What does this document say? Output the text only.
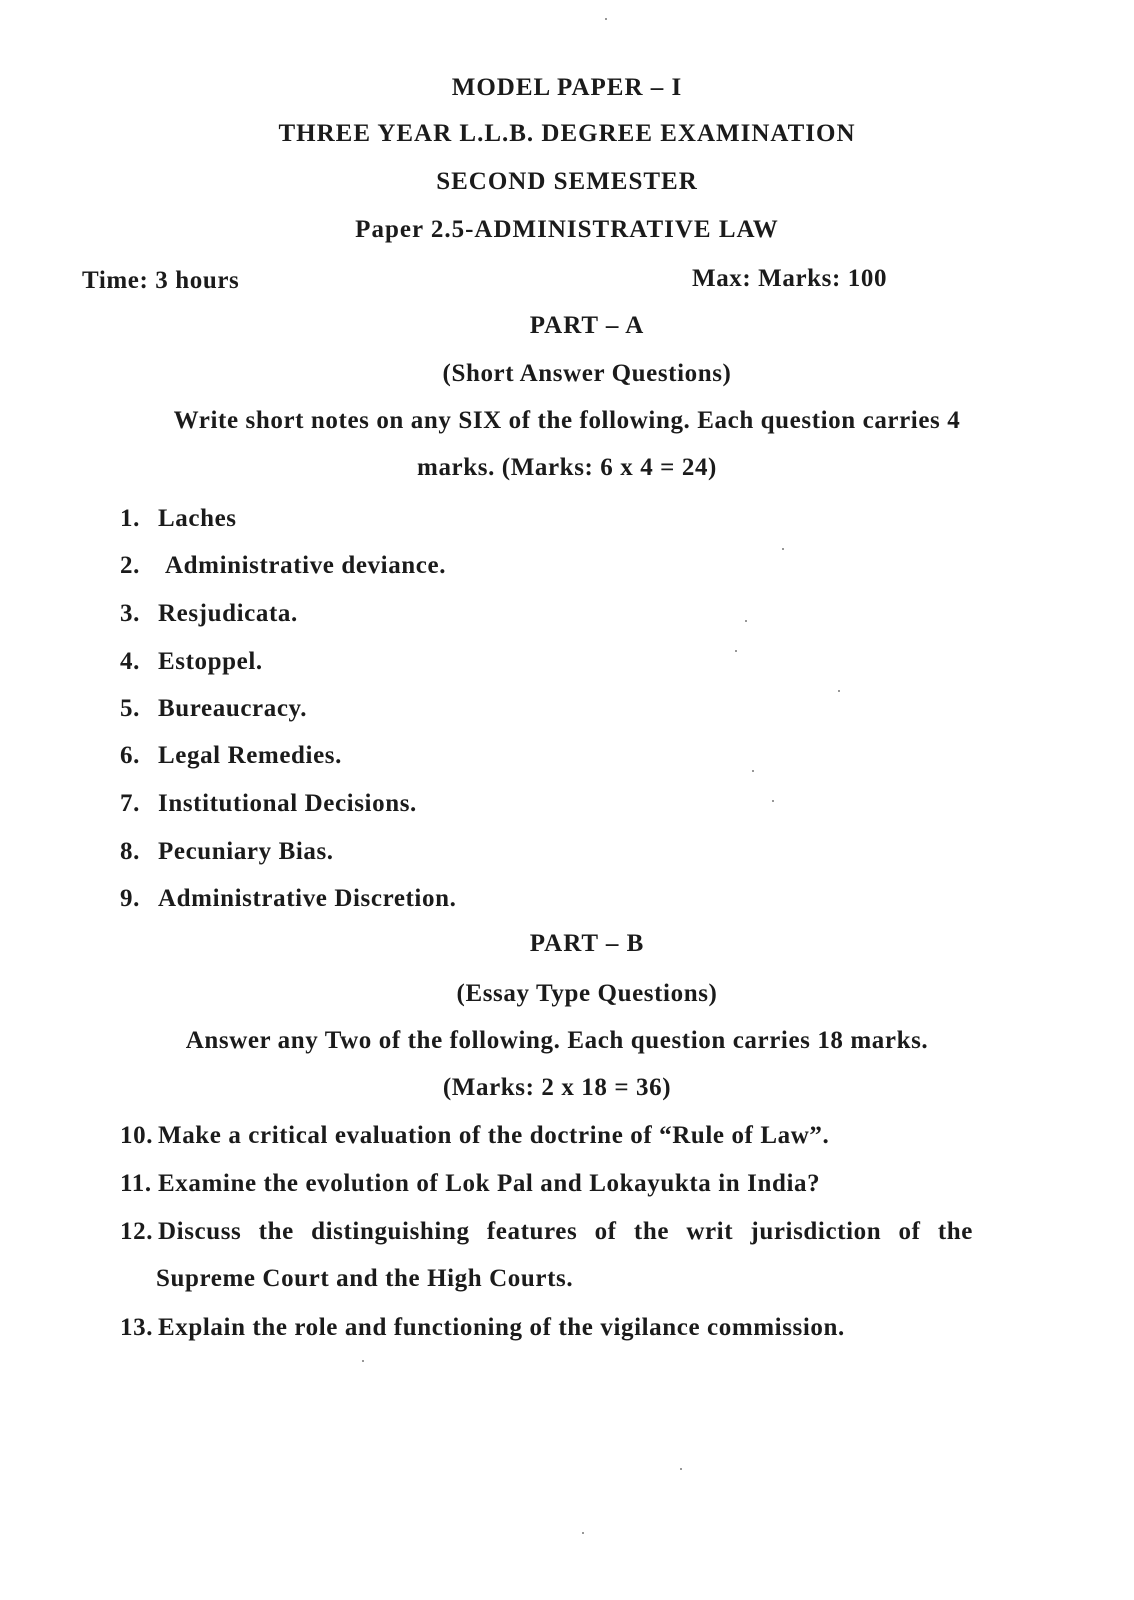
MODEL PAPER – I
THREE YEAR L.L.B. DEGREE EXAMINATION
SECOND SEMESTER
Paper 2.5-ADMINISTRATIVE LAW
Time: 3 hours	Max: Marks: 100
PART – A
(Short Answer Questions)
Write short notes on any SIX of the following. Each question carries 4
marks. (Marks: 6 x 4 = 24)
1. Laches
2. Administrative deviance.
3. Resjudicata.
4. Estoppel.
5. Bureaucracy.
6. Legal Remedies.
7. Institutional Decisions.
8. Pecuniary Bias.
9. Administrative Discretion.
PART – B
(Essay Type Questions)
Answer any Two of the following. Each question carries 18 marks.
(Marks: 2 x 18 = 36)
10. Make a critical evaluation of the doctrine of “Rule of Law”.
11. Examine the evolution of Lok Pal and Lokayukta in India?
12. Discuss the distinguishing features of the writ jurisdiction of the
Supreme Court and the High Courts.
13. Explain the role and functioning of the vigilance commission.
